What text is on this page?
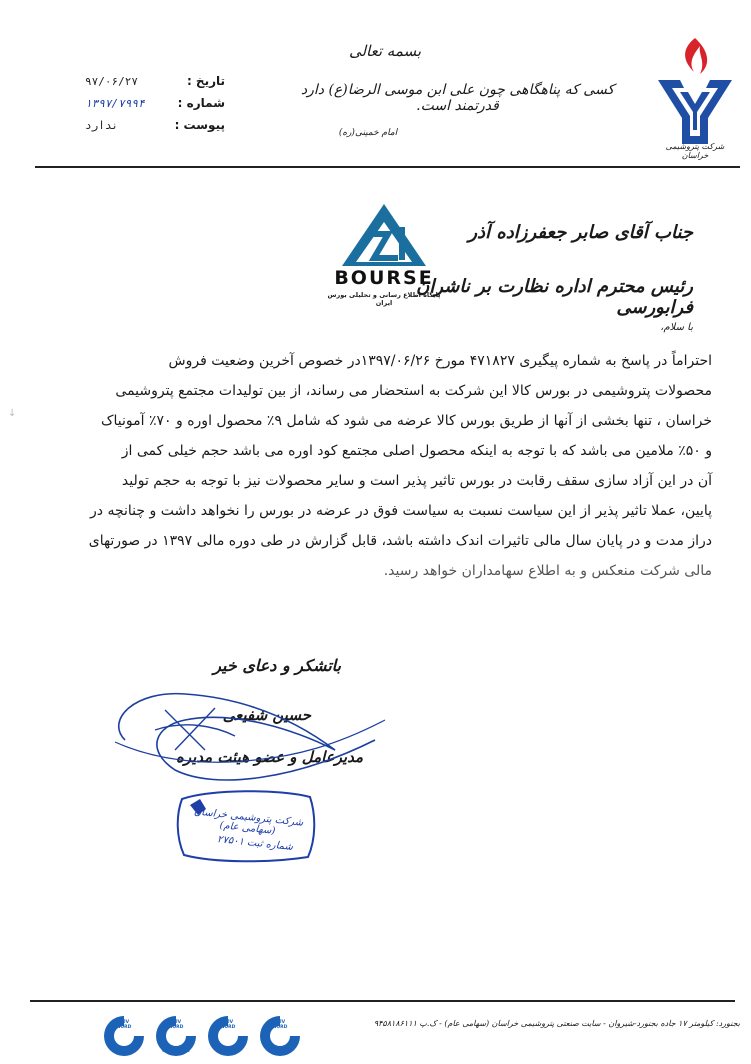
شرکت پتروشیمی خراسان
بسمه تعالی
کسی که پناهگاهی چون علی ابن موسی الرضا(ع) دارد قدرتمند است.
امام خمینی(ره)
تاریخ :
۹۷/۰۶/۲۷
شماره :
۱۳۹۷/۷۹۹۴
پیوست :
ندارد
BOURSE
پایگاه اطلاع رسانی و تحلیلی بورس ایران
جناب آقای صابر جعفرزاده آذر
رئیس محترم اداره نظارت بر ناشران فرابورسی
با سلام،
احتراماً در پاسخ به شماره پیگیری ۴۷۱۸۲۷ مورخ ۱۳۹۷/۰۶/۲۶در خصوص آخرین وضعیت فروش
محصولات پتروشیمی در بورس کالا این شرکت به استحضار می رساند، از بین تولیدات مجتمع پتروشیمی
خراسان ، تنها بخشی از آنها از طریق بورس کالا عرضه می شود که شامل ۹٪ محصول اوره و ۷۰٪ آمونیاک
و ۵۰٪ ملامین می باشد که با توجه به اینکه محصول اصلی مجتمع کود اوره می باشد حجم خیلی کمی از
آن در این آزاد سازی سقف رقابت در بورس تاثیر پذیر است و سایر محصولات نیز با توجه به حجم تولید
پایین، عملا تاثیر پذیر از این سیاست نسبت به سیاست فوق در عرضه در بورس را نخواهد داشت و چنانچه در
دراز مدت و در پایان سال مالی تاثیرات اندک داشته باشد، قابل گزارش در طی دوره مالی ۱۳۹۷ در صورتهای
مالی شرکت منعکس و به اطلاع سهامداران خواهد رسید.
↓
باتشکر و دعای خیر
حسین شفیعی
مدیرعامل و عضو هیئت مدیره
شرکت پتروشیمی خراسان (سهامی عام)
شماره ثبت ۲۷۵۰۱
بجنورد: کیلومتر ۱۷ جاده بجنورد-شیروان - سایت صنعتی پتروشیمی خراسان (سهامی عام) - ک.پ ۹۴۵۸۱۸۶۱۱۱
TÜV NORD
ISO 9001
TÜV NORD
OHSAS 18001
TÜV NORD
ISO 14001
TÜV NORD
ISO 50001
